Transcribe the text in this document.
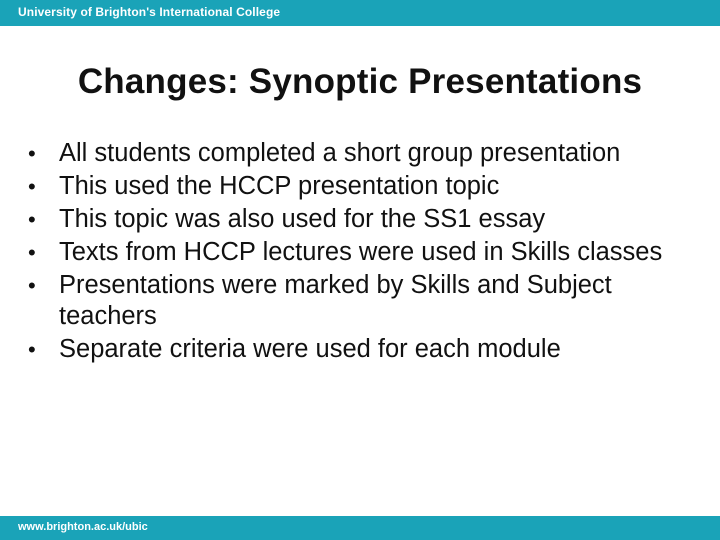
University of Brighton's International College
Changes: Synoptic Presentations
• All students completed a short group presentation
• This used the HCCP presentation topic
• This topic was also used for the SS1 essay
• Texts from HCCP lectures were used in Skills classes
• Presentations were marked by Skills and Subject teachers
• Separate criteria were used for each module
www.brighton.ac.uk/ubic
